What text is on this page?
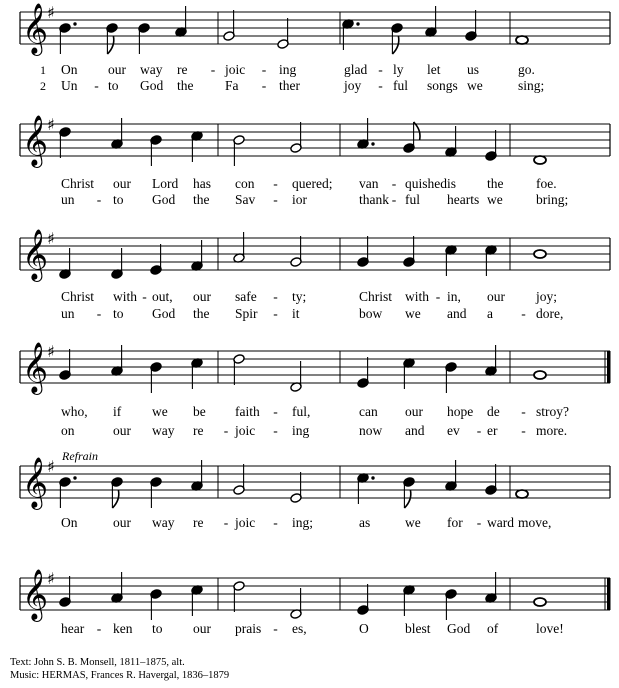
𝄞
♯
1 On our way re - joic - ing	glad - ly let us	go.
2 Un - to God the Fa - ther	joy - ful songs we	sing;
𝄞
♯
Christ our Lord has con - quered; van - quished is the foe.
un - to God the Sav - ior	thank - ful hearts we bring;
𝄞
♯
Christ with - out, our safe - ty;	Christ with - in, our joy;
un - to God the Spir - it	bow we and a - dore,
𝄞
♯
who, if we be faith - ful,	can our hope de - stroy?
on	our way re - joic - ing	now and ev - er - more.
𝄞
♯
Refrain
On	our way re - joic - ing;	as	we for - ward move,
𝄞
♯
hear - ken to our prais - es,	O	blest God of	love!
Text: John S. B. Monsell, 1811–1875, alt.
Music: HERMAS, Frances R. Havergal, 1836–1879
